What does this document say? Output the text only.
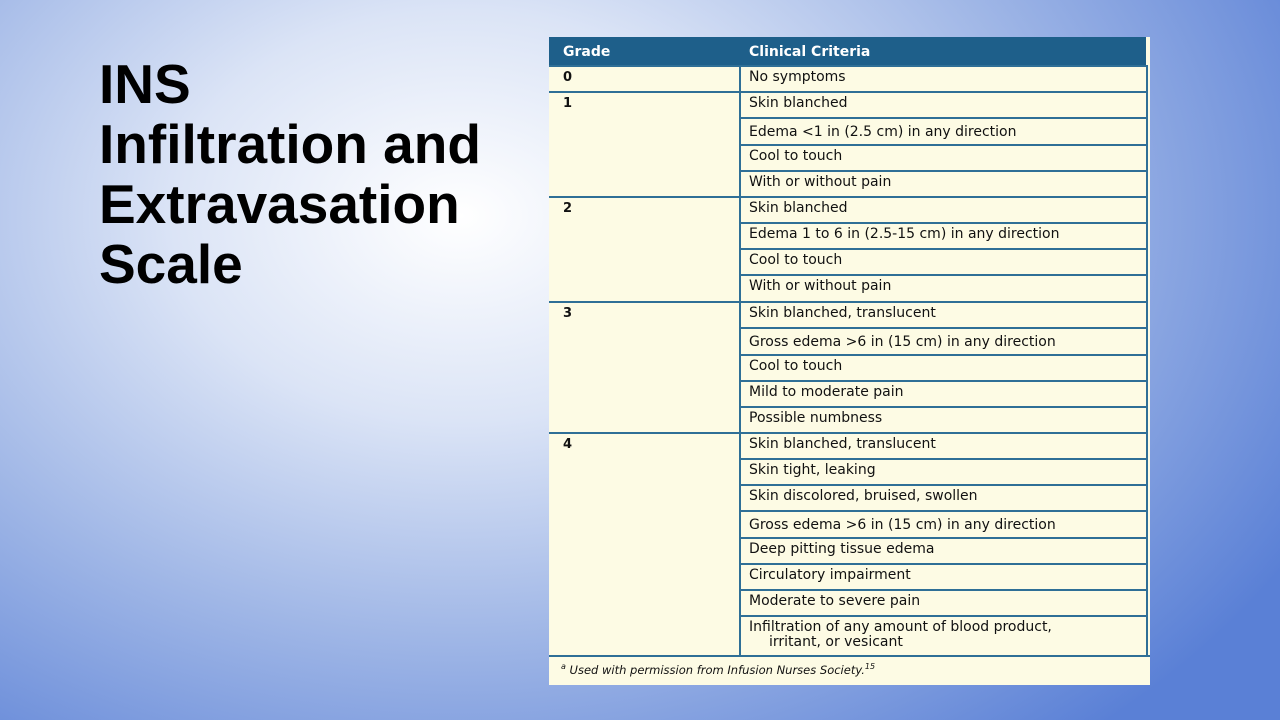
INS
Infiltration and
Extravasation
Scale
Grade	Clinical Criteria
0
1
2
3
4
No symptoms
Skin blanched
Edema <1 in (2.5 cm) in any direction
Cool to touch
With or without pain
Skin blanched
Edema 1 to 6 in (2.5-15 cm) in any direction
Cool to touch
With or without pain
Skin blanched, translucent
Gross edema >6 in (15 cm) in any direction
Cool to touch
Mild to moderate pain
Possible numbness
Skin blanched, translucent
Skin tight, leaking
Skin discolored, bruised, swollen
Gross edema >6 in (15 cm) in any direction
Deep pitting tissue edema
Circulatory impairment
Moderate to severe pain
Infiltration of any amount of blood product,
irritant, or vesicant
$^a$ Used with permission from Infusion Nurses Society.$^{15}$
